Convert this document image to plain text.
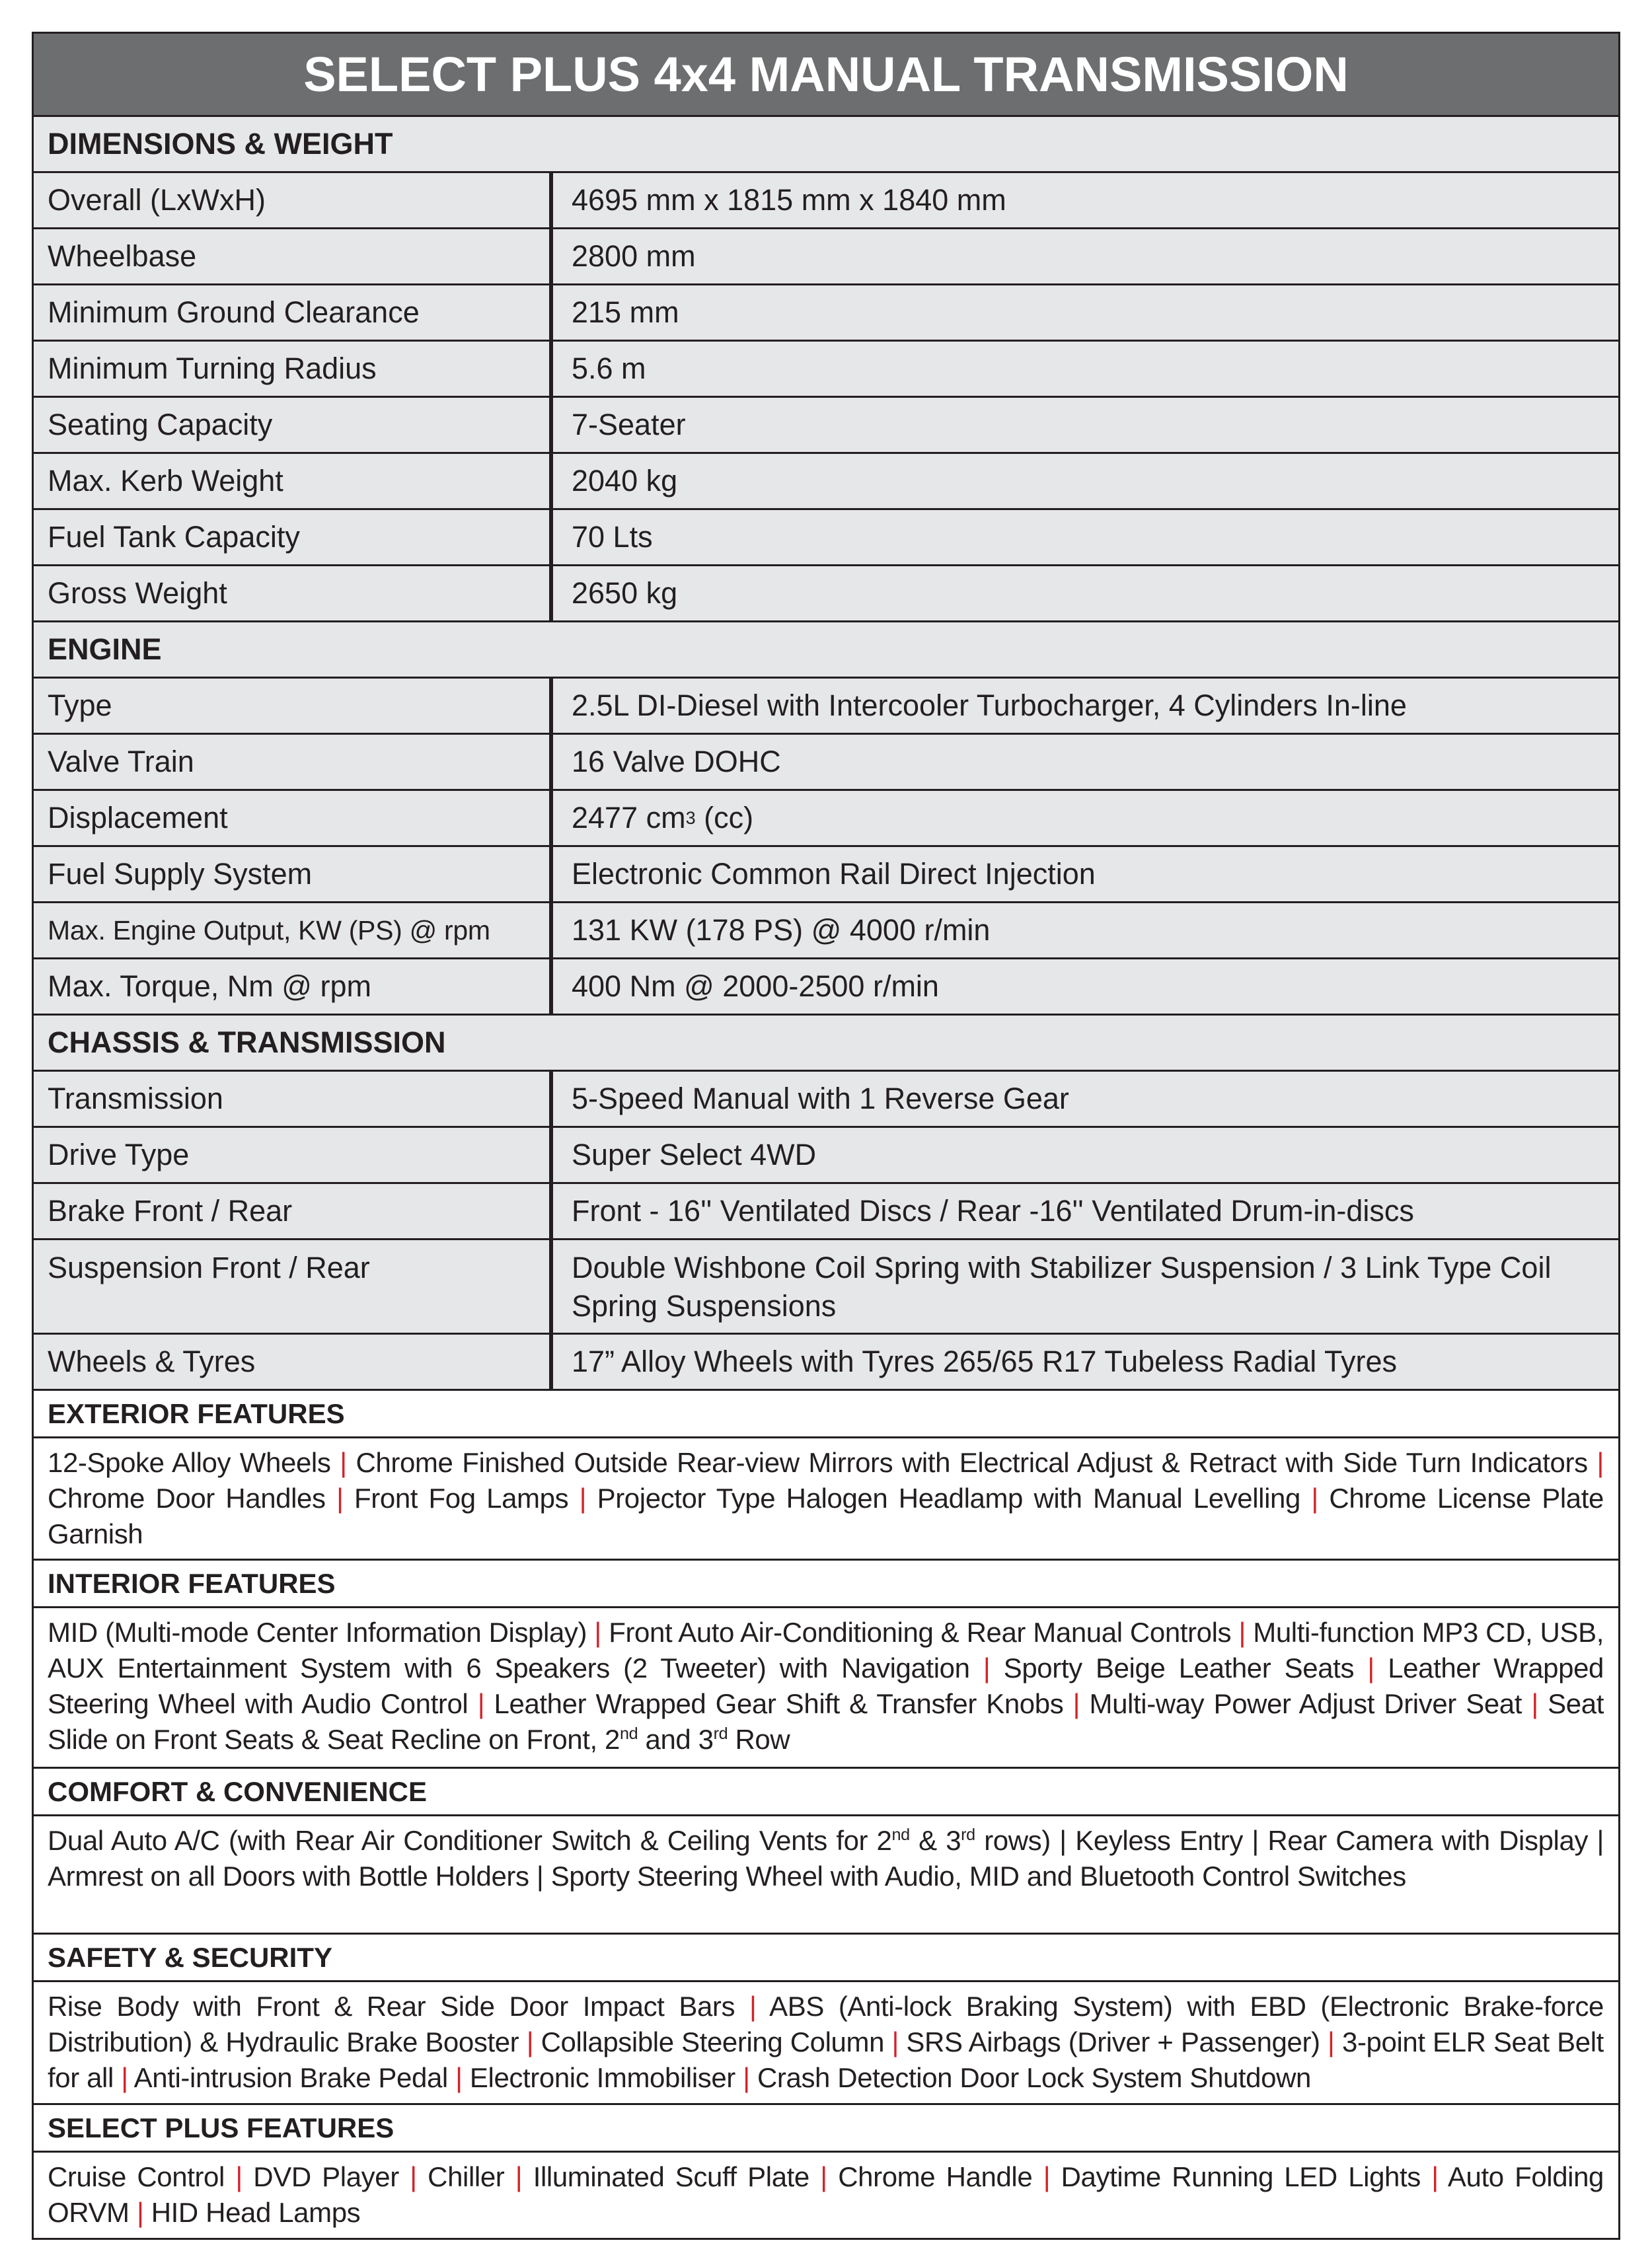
SELECT PLUS 4x4 MANUAL TRANSMISSION
DIMENSIONS & WEIGHT
Overall (LxWxH)	4695 mm x 1815 mm x 1840 mm
Wheelbase	2800 mm
Minimum Ground Clearance	215 mm
Minimum Turning Radius	5.6 m
Seating Capacity	7-Seater
Max. Kerb Weight	2040 kg
Fuel Tank Capacity	70 Lts
Gross Weight	2650 kg
ENGINE
Type	2.5L DI-Diesel with Intercooler Turbocharger, 4 Cylinders In-line
Valve Train	16 Valve DOHC
Displacement	2477 cm 3 (cc)
Fuel Supply System	Electronic Common Rail Direct Injection
Max. Engine Output, KW (PS) @ rpm	131 KW (178 PS) @ 4000 r/min
Max. Torque, Nm @ rpm	400 Nm @ 2000-2500 r/min
CHASSIS & TRANSMISSION
Transmission	5-Speed Manual with 1 Reverse Gear
Drive Type	Super Select 4WD
Brake Front / Rear	Front - 16'' Ventilated Discs / Rear -16'' Ventilated Drum-in-discs
Suspension Front / Rear	Double Wishbone Coil Spring with Stabilizer Suspension / 3 Link Type Coil Spring Suspensions
Wheels & Tyres	17” Alloy Wheels with Tyres 265/65 R17 Tubeless Radial Tyres
EXTERIOR FEATURES
12-Spoke Alloy Wheels | Chrome Finished Outside Rear-view Mirrors with Electrical Adjust & Retract with Side Turn Indicators | Chrome Door Handles | Front Fog Lamps | Projector Type Halogen Headlamp with Manual Levelling | Chrome License Plate Garnish
INTERIOR FEATURES
MID (Multi-mode Center Information Display) | Front Auto Air-Conditioning & Rear Manual Controls | Multi-function MP3 CD, USB, AUX Entertainment System with 6 Speakers (2 Tweeter) with Navigation | Sporty Beige Leather Seats | Leather Wrapped Steering Wheel with Audio Control | Leather Wrapped Gear Shift & Transfer Knobs | Multi-way Power Adjust Driver Seat | Seat Slide on Front Seats & Seat Recline on Front, 2nd and 3rd Row
COMFORT & CONVENIENCE
Dual Auto A/C (with Rear Air Conditioner Switch & Ceiling Vents for 2nd & 3rd rows) | Keyless Entry | Rear Camera with Display | Armrest on all Doors with Bottle Holders | Sporty Steering Wheel with Audio, MID and Bluetooth Control Switches
SAFETY & SECURITY
Rise Body with Front & Rear Side Door Impact Bars | ABS (Anti-lock Braking System) with EBD (Electronic Brake-force Distribution) & Hydraulic Brake Booster | Collapsible Steering Column | SRS Airbags (Driver + Passenger) | 3-point ELR Seat Belt for all | Anti-intrusion Brake Pedal | Electronic Immobiliser | Crash Detection Door Lock System Shutdown
SELECT PLUS FEATURES
Cruise Control | DVD Player | Chiller | Illuminated Scuff Plate | Chrome Handle | Daytime Running LED Lights | Auto Folding ORVM | HID Head Lamps
